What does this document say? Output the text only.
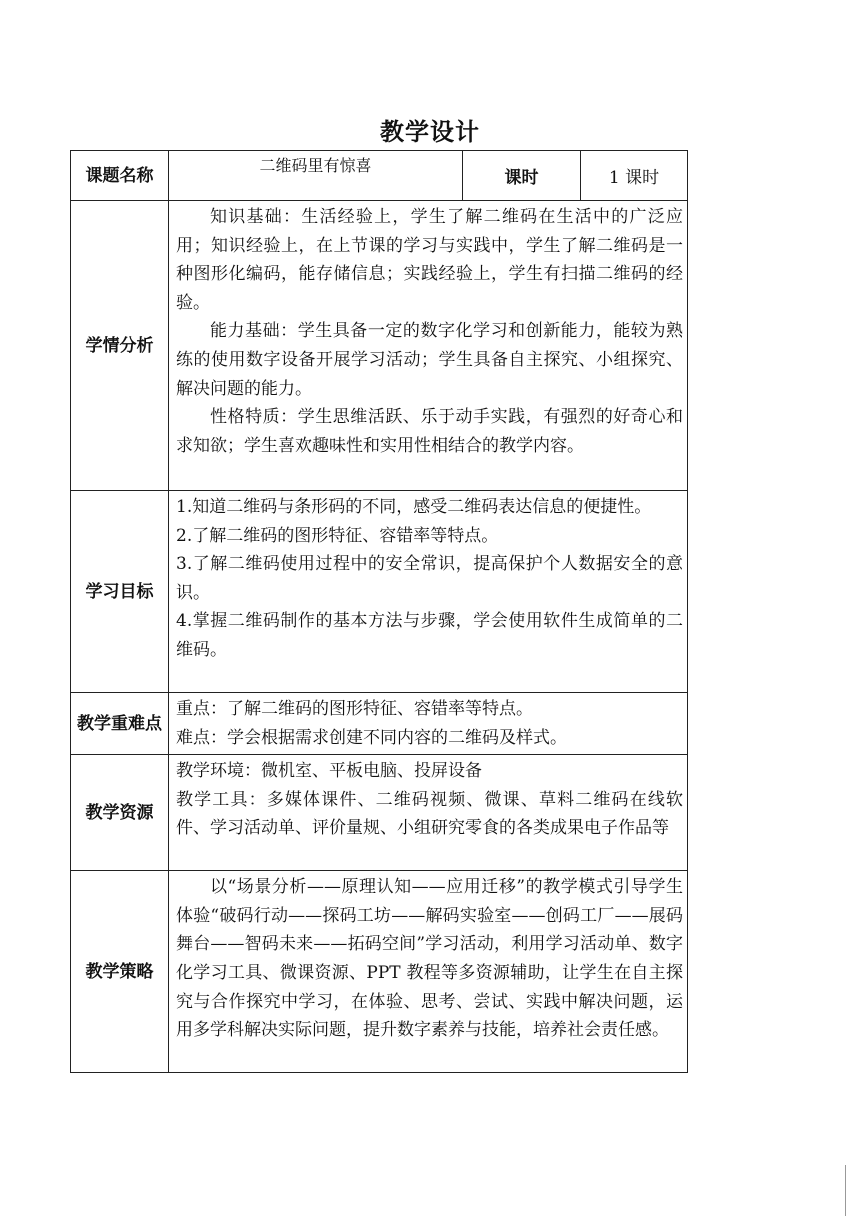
教学设计
课题名称	二维码里有惊喜	课时	1 课时
学情分析	知识基础：生活经验上，学生了解二维码在生活中的广泛应用；知识经验上，在上节课的学习与实践中，学生了解二维码是一种图形化编码，能存储信息；实践经验上，学生有扫描二维码的经验。
能力基础：学生具备一定的数字化学习和创新能力，能较为熟练的使用数字设备开展学习活动；学生具备自主探究、小组探究、解决问题的能力。
性格特质：学生思维活跃、乐于动手实践，有强烈的好奇心和求知欲；学生喜欢趣味性和实用性相结合的教学内容。		

学习目标	1.知道二维码与条形码的不同，感受二维码表达信息的便捷性。
2.了解二维码的图形特征、容错率等特点。
3.了解二维码使用过程中的安全常识，提高保护个人数据安全的意识。
4.掌握二维码制作的基本方法与步骤，学会使用软件生成简单的二维码。		

教学重难点	重点：了解二维码的图形特征、容错率等特点。
难点：学会根据需求创建不同内容的二维码及样式。		

教学资源	教学环境：微机室、平板电脑、投屏设备
教学工具：多媒体课件、二维码视频、微课、草料二维码在线软件、学习活动单、评价量规、小组研究零食的各类成果电子作品等		

教学策略	以“场景分析——原理认知——应用迁移”的教学模式引导学生体验“破码行动——探码工坊——解码实验室——创码工厂——展码舞台——智码未来——拓码空间”学习活动，利用学习活动单、数字化学习工具、微课资源、PPT 教程等多资源辅助，让学生在自主探究与合作探究中学习，在体验、思考、尝试、实践中解决问题，运用多学科解决实际问题，提升数字素养与技能，培养社会责任感。		
